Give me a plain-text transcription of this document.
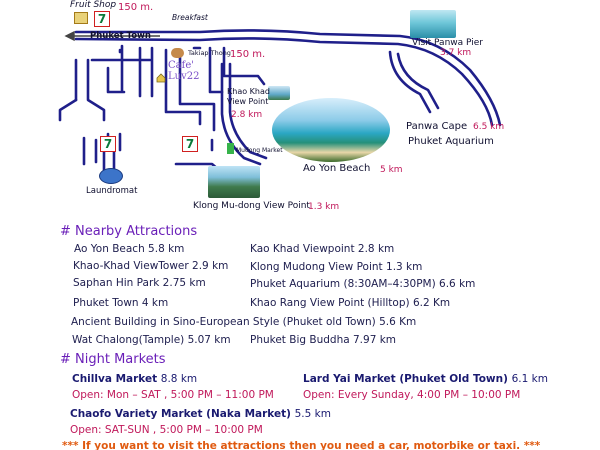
Fruit Shop 150 m.
7
7	7
Breakfast
Phuket Town
Takiap Thong 150 m.
Cafe' Luv22
Visit Panwa Pier
3.7 km
Khao Khad View Point
2.8 km
Ao Yon Beach 5 km
Panwa Cape 6.5 km
Phuket Aquarium
Mudong Market
Laundromat
Klong Mu-dong View Point
1.3 km
# Nearby Attractions
Ao Yon Beach 5.8 km	Kao Khad Viewpoint 2.8 km
Khao-Khad ViewTower 2.9 km Klong Mudong View Point 1.3 km
Saphan Hin Park 2.75 km	Phuket Aquarium (8:30AM–4:30PM) 6.6 km
Phuket Town 4 km	Khao Rang View Point (Hilltop) 6.2 Km
Ancient Building in Sino-European Style (Phuket old Town) 5.6 Km
Wat Chalong(Tample) 5.07 km Phuket Big Buddha 7.97 km
# Night Markets
Chillva Market 8.8 km
Open: Mon – SAT , 5:00 PM – 11:00 PM
Lard Yai Market (Phuket Old Town) 6.1 km
Open: Every Sunday, 4:00 PM – 10:00 PM
Chaofo Variety Market (Naka Market) 5.5 km
Open: SAT-SUN , 5:00 PM – 10:00 PM
*** If you want to visit the attractions then you need a car, motorbike or taxi. ***
